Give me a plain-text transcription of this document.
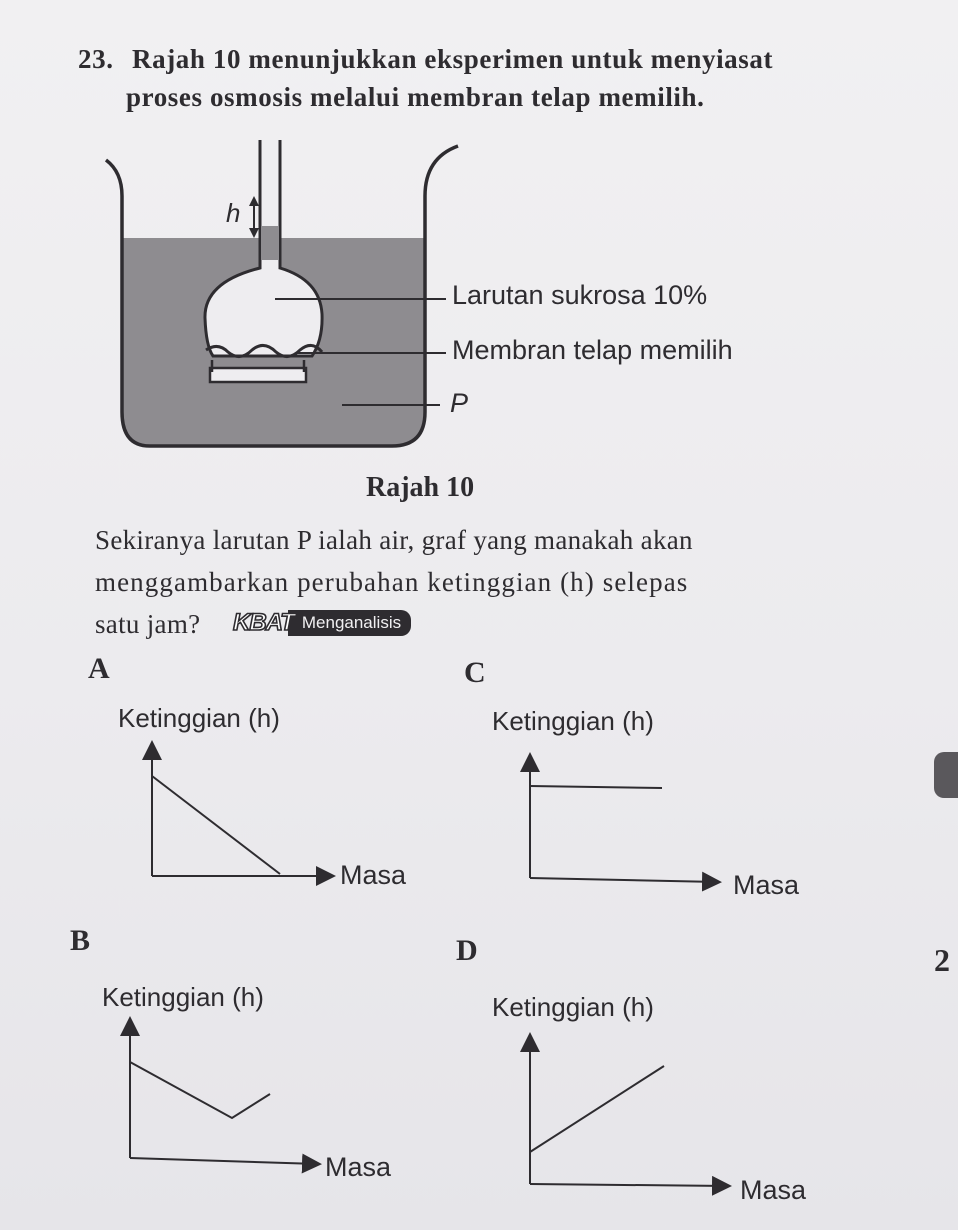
23. Rajah 10 menunjukkan eksperimen untuk menyiasat
proses osmosis melalui membran telap memilih.
h
Larutan sukrosa 10%
Membran telap memilih
P
Rajah 10
Sekiranya larutan P ialah air, graf yang manakah akan
menggambarkan perubahan ketinggian (h) selepas
satu jam? KBAT Menganalisis
A	C
B	D
Ketinggian (h)
Masa
Ketinggian (h)
Masa
Ketinggian (h)
Masa
Ketinggian (h)
Masa
2
